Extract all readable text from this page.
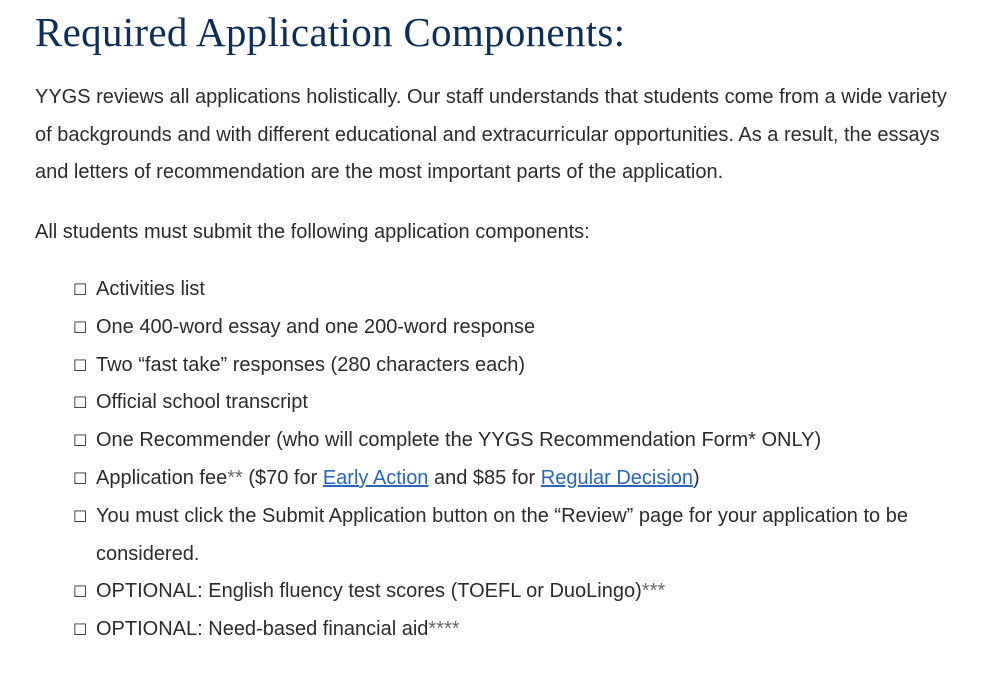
Required Application Components:

YYGS reviews all applications holistically. Our staff understands that students come from a wide variety of backgrounds and with different educational and extracurricular opportunities. As a result, the essays and letters of recommendation are the most important parts of the application.

All students must submit the following application components:

☐ Activities list
☐ One 400-word essay and one 200-word response
☐ Two “fast take” responses (280 characters each)
☐ Official school transcript
☐ One Recommender (who will complete the YYGS Recommendation Form* ONLY)
☐ Application fee** ($70 for Early Action and $85 for Regular Decision)
☐ You must click the Submit Application button on the “Review” page for your application to be considered.
☐ OPTIONAL: English fluency test scores (TOEFL or DuoLingo)***
☐ OPTIONAL: Need-based financial aid****
